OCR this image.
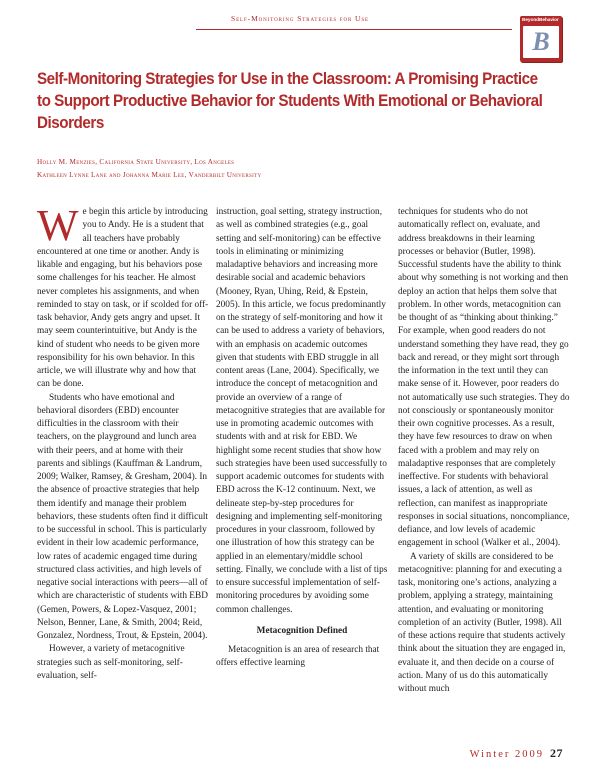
Self-Monitoring Strategies for Use	BeyondBehavior
B
Self-Monitoring Strategies for Use in the Classroom: A Promising Practice to Support Productive Behavior for Students With Emotional or Behavioral Disorders
Holly M. Menzies, California State University, Los Angeles
Kathleen Lynne Lane and Johanna Marie Lee, Vanderbilt University

We begin this article by introducing you to Andy. He is a student that all teachers have probably encountered at one time or another. Andy is likable and engaging, but his behaviors pose some challenges for his teacher. He almost never completes his assignments, and when reminded to stay on task, or if scolded for off-task behavior, Andy gets angry and upset. It may seem counterintuitive, but Andy is the kind of student who needs to be given more responsibility for his own behavior. In this article, we will illustrate why and how that can be done.

Students who have emotional and behavioral disorders (EBD) encounter difficulties in the classroom with their teachers, on the playground and lunch area with their peers, and at home with their parents and siblings (Kauffman & Landrum, 2009; Walker, Ramsey, & Gresham, 2004). In the absence of proactive strategies that help them identify and manage their problem behaviors, these students often find it difficult to be successful in school. This is particularly evident in their low academic performance, low rates of academic engaged time during structured class activities, and high levels of negative social interactions with peers—all of which are characteristic of students with EBD (Gemen, Powers, & Lopez-Vasquez, 2001; Nelson, Benner, Lane, & Smith, 2004; Reid, Gonzalez, Nordness, Trout, & Epstein, 2004).

However, a variety of metacognitive strategies such as self-monitoring, self-evaluation, self-

instruction, goal setting, strategy instruction, as well as combined strategies (e.g., goal setting and self-monitoring) can be effective tools in eliminating or minimizing maladaptive behaviors and increasing more desirable social and academic behaviors (Mooney, Ryan, Uhing, Reid, & Epstein, 2005). In this article, we focus predominantly on the strategy of self-monitoring and how it can be used to address a variety of behaviors, with an emphasis on academic outcomes given that students with EBD struggle in all content areas (Lane, 2004). Specifically, we introduce the concept of metacognition and provide an overview of a range of metacognitive strategies that are available for use in promoting academic outcomes with students with and at risk for EBD. We highlight some recent studies that show how such strategies have been used successfully to support academic outcomes for students with EBD across the K-12 continuum. Next, we delineate step-by-step procedures for designing and implementing self-monitoring procedures in your classroom, followed by one illustration of how this strategy can be applied in an elementary/middle school setting. Finally, we conclude with a list of tips to ensure successful implementation of self-monitoring procedures by avoiding some common challenges.

Metacognition Defined

Metacognition is an area of research that offers effective learning

techniques for students who do not automatically reflect on, evaluate, and address breakdowns in their learning processes or behavior (Butler, 1998). Successful students have the ability to think about why something is not working and then deploy an action that helps them solve that problem. In other words, metacognition can be thought of as “thinking about thinking.” For example, when good readers do not understand something they have read, they go back and reread, or they might sort through the information in the text until they can make sense of it. However, poor readers do not automatically use such strategies. They do not consciously or spontaneously monitor their own cognitive processes. As a result, they have few resources to draw on when faced with a problem and may rely on maladaptive responses that are completely ineffective. For students with behavioral issues, a lack of attention, as well as reflection, can manifest as inappropriate responses in social situations, noncompliance, defiance, and low levels of academic engagement in school (Walker et al., 2004).

A variety of skills are considered to be metacognitive: planning for and executing a task, monitoring one’s actions, analyzing a problem, applying a strategy, maintaining attention, and evaluating or monitoring completion of an activity (Butler, 1998). All of these actions require that students actively think about the situation they are engaged in, evaluate it, and then decide on a course of action. Many of us do this automatically without much

Winter 2009 27
